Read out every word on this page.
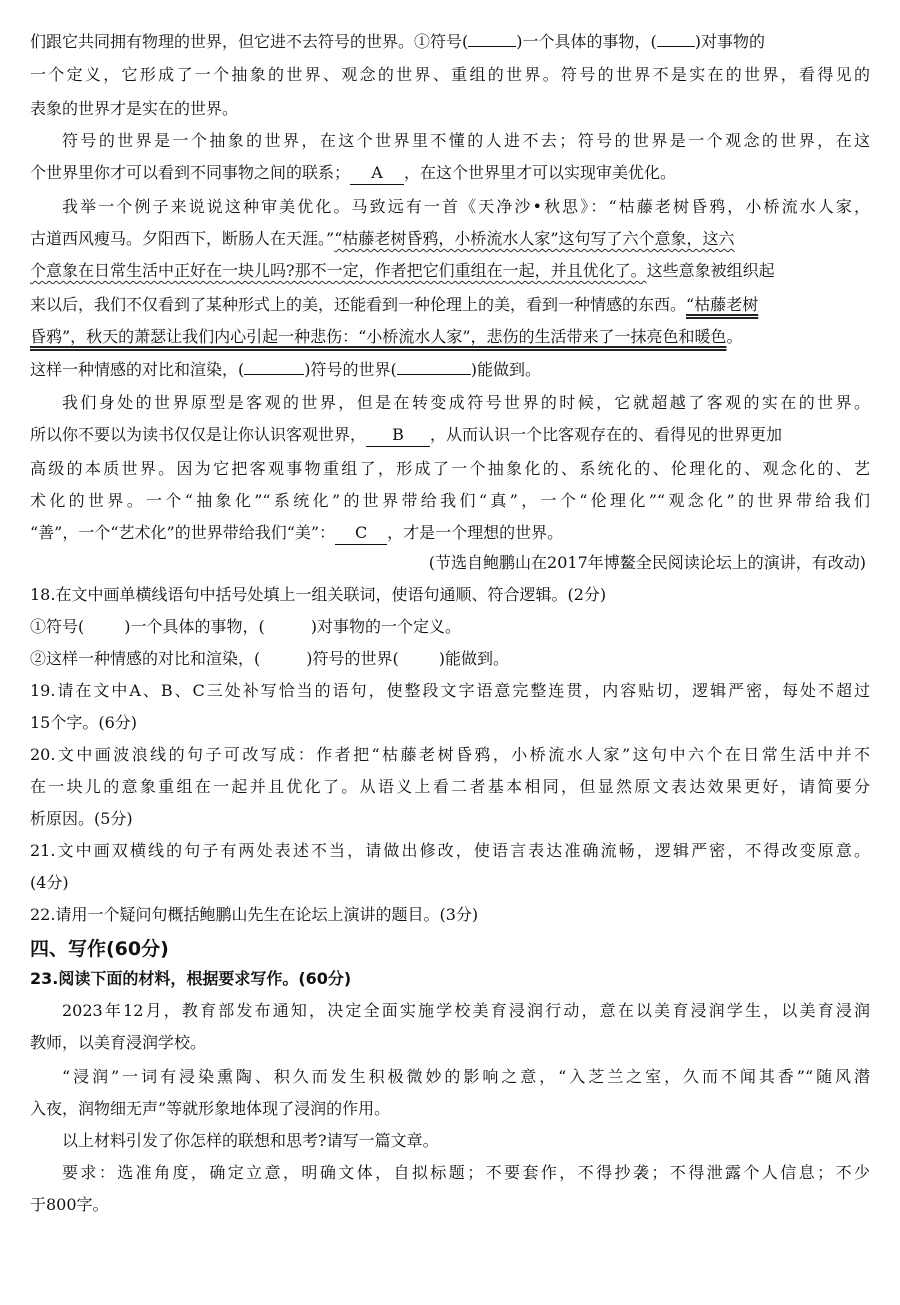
们跟它共同拥有物理的世界，但它进不去符号的世界。①符号(	)一个具体的事物，( )对事物的
一个定义，它形成了一个抽象的世界、观念的世界、重组的世界。符号的世界不是实在的世界，看得见的
表象的世界才是实在的世界。
符号的世界是一个抽象的世界，在这个世界里不懂的人进不去；符号的世界是一个观念的世界，在这
个世界里你才可以看到不同事物之间的联系； A ，在这个世界里才可以实现审美优化。
我举一个例子来说说这种审美优化。马致远有一首《天净沙•秋思》：“枯藤老树昏鸦，小桥流水人家，
古道西风瘦马。夕阳西下，断肠人在天涯。”“枯藤老树昏鸦，小桥流水人家”这句写了六个意象，这六
个意象在日常生活中正好在一块儿吗?那不一定，作者把它们重组在一起，并且优化了。这些意象被组织起
来以后，我们不仅看到了某种形式上的美，还能看到一种伦理上的美，看到一种情感的东西。“枯藤老树
昏鸦”，秋天的萧瑟让我们内心引起一种悲伤：“小桥流水人家”，悲伤的生活带来了一抹亮色和暖色。
这样一种情感的对比和渲染，(	)符号的世界(	)能做到。
我们身处的世界原型是客观的世界，但是在转变成符号世界的时候，它就超越了客观的实在的世界。
所以你不要以为读书仅仅是让你认识客观世界， B ，从而认识一个比客观存在的、看得见的世界更加
高级的本质世界。因为它把客观事物重组了，形成了一个抽象化的、系统化的、伦理化的、观念化的、艺
术化的世界。一个“抽象化”“系统化”的世界带给我们“真”，一个“伦理化”“观念化”的世界带给我们
“善”，一个“艺术化”的世界带给我们“美”： C ，才是一个理想的世界。
(节选自鲍鹏山在2017年博鳌全民阅读论坛上的演讲，有改动)
18.在文中画单横线语句中括号处填上一组关联词，使语句通顺、符合逻辑。(2分)
①符号(	)一个具体的事物，(	)对事物的一个定义。
②这样一种情感的对比和渲染，(	)符号的世界(	)能做到。
19.请在文中A、B、C三处补写恰当的语句，使整段文字语意完整连贯，内容贴切，逻辑严密，每处不超过
15个字。(6分)
20.文中画波浪线的句子可改写成：作者把“枯藤老树昏鸦，小桥流水人家”这句中六个在日常生活中并不
在一块儿的意象重组在一起并且优化了。从语义上看二者基本相同，但显然原文表达效果更好，请简要分
析原因。(5分)
21.文中画双横线的句子有两处表述不当，请做出修改，使语言表达准确流畅，逻辑严密，不得改变原意。
(4分)
22.请用一个疑问句概括鲍鹏山先生在论坛上演讲的题目。(3分)
四、写作(60分)
23.阅读下面的材料，根据要求写作。(60分)
2023年12月，教育部发布通知，决定全面实施学校美育浸润行动，意在以美育浸润学生，以美育浸润
教师，以美育浸润学校。
“浸润”一词有浸染熏陶、积久而发生积极微妙的影响之意，“入芝兰之室，久而不闻其香”“随风潜
入夜，润物细无声”等就形象地体现了浸润的作用。
以上材料引发了你怎样的联想和思考?请写一篇文章。
要求：选准角度，确定立意，明确文体，自拟标题；不要套作，不得抄袭；不得泄露个人信息；不少
于800字。
